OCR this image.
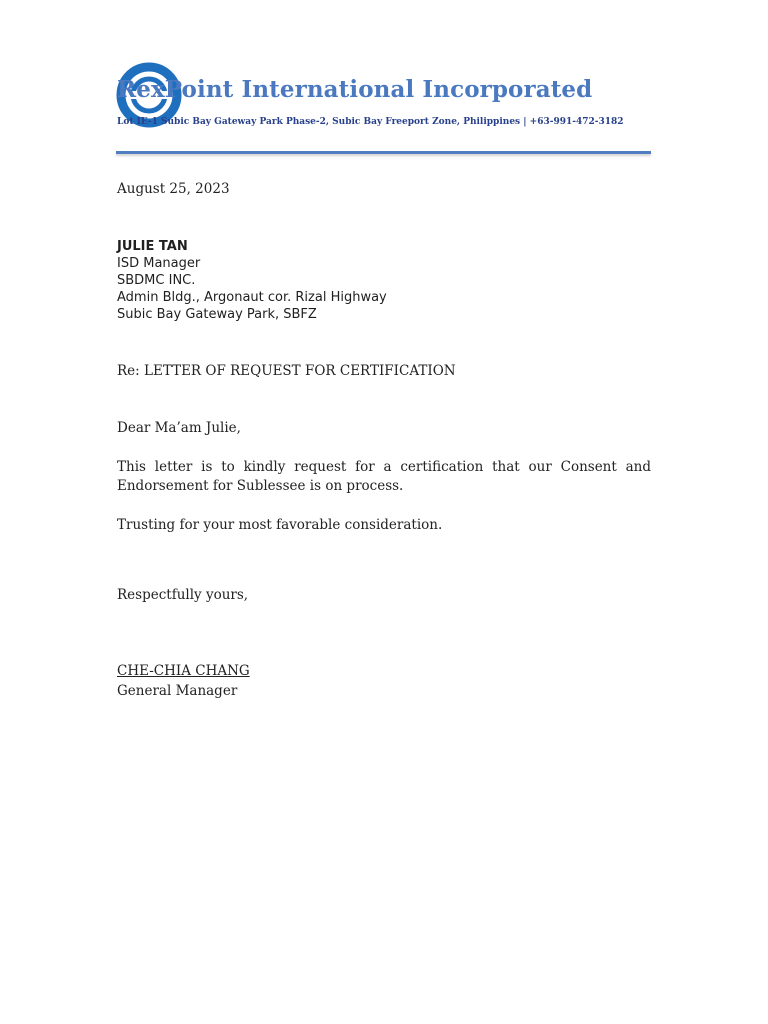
RexPoint International Incorporated
Lot IE-1 Subic Bay Gateway Park Phase-2, Subic Bay Freeport Zone, Philippines | +63-991-472-3182
August 25, 2023
JULIE TAN
ISD Manager
SBDMC INC.
Admin Bldg., Argonaut cor. Rizal Highway
Subic Bay Gateway Park, SBFZ
Re: LETTER OF REQUEST FOR CERTIFICATION
Dear Ma’am Julie,
This letter is to kindly request for a certification that our Consent and Endorsement for Sublessee is on process.
Trusting for your most favorable consideration.
Respectfully yours,
CHE-CHIA CHANG
General Manager
